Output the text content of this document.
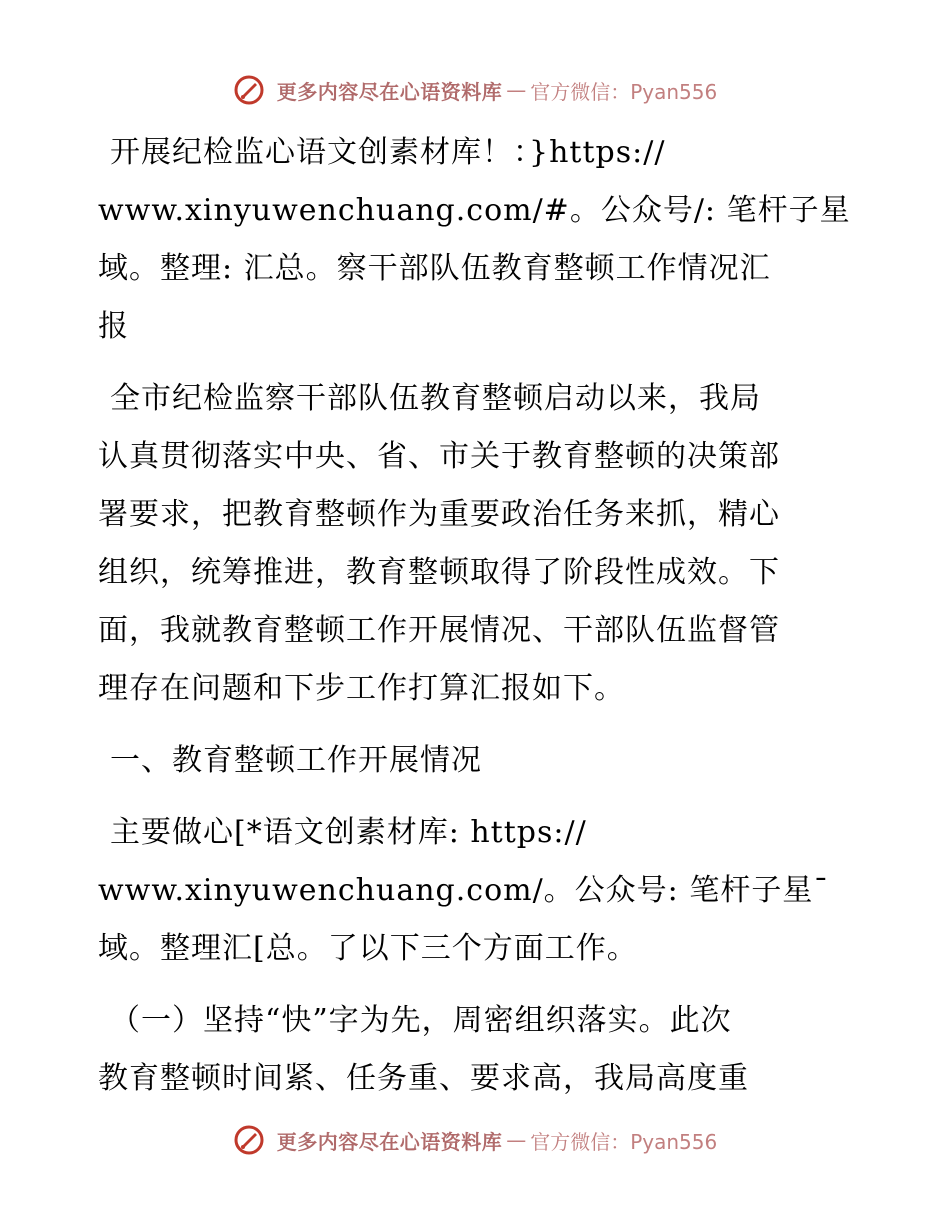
更多内容尽在心语资料库 — 官方微信：Pyan556

开展纪检监心语文创素材库！：}https://
www.xinyuwenchuang.com/#。公众号/: 笔杆子星
域。整理: 汇总。察干部队伍教育整顿工作情况汇
报

全市纪检监察干部队伍教育整顿启动以来，我局
认真贯彻落实中央、省、市关于教育整顿的决策部
署要求，把教育整顿作为重要政治任务来抓，精心
组织，统筹推进，教育整顿取得了阶段性成效。下
面，我就教育整顿工作开展情况、干部队伍监督管
理存在问题和下步工作打算汇报如下。

一、教育整顿工作开展情况

主要做心[*语文创素材库: https://
www.xinyuwenchuang.com/。公众号: 笔杆子星¯
域。整理汇[总。了以下三个方面工作。

（一）坚持“快”字为先，周密组织落实。此次
教育整顿时间紧、任务重、要求高，我局高度重

更多内容尽在心语资料库 — 官方微信：Pyan556
